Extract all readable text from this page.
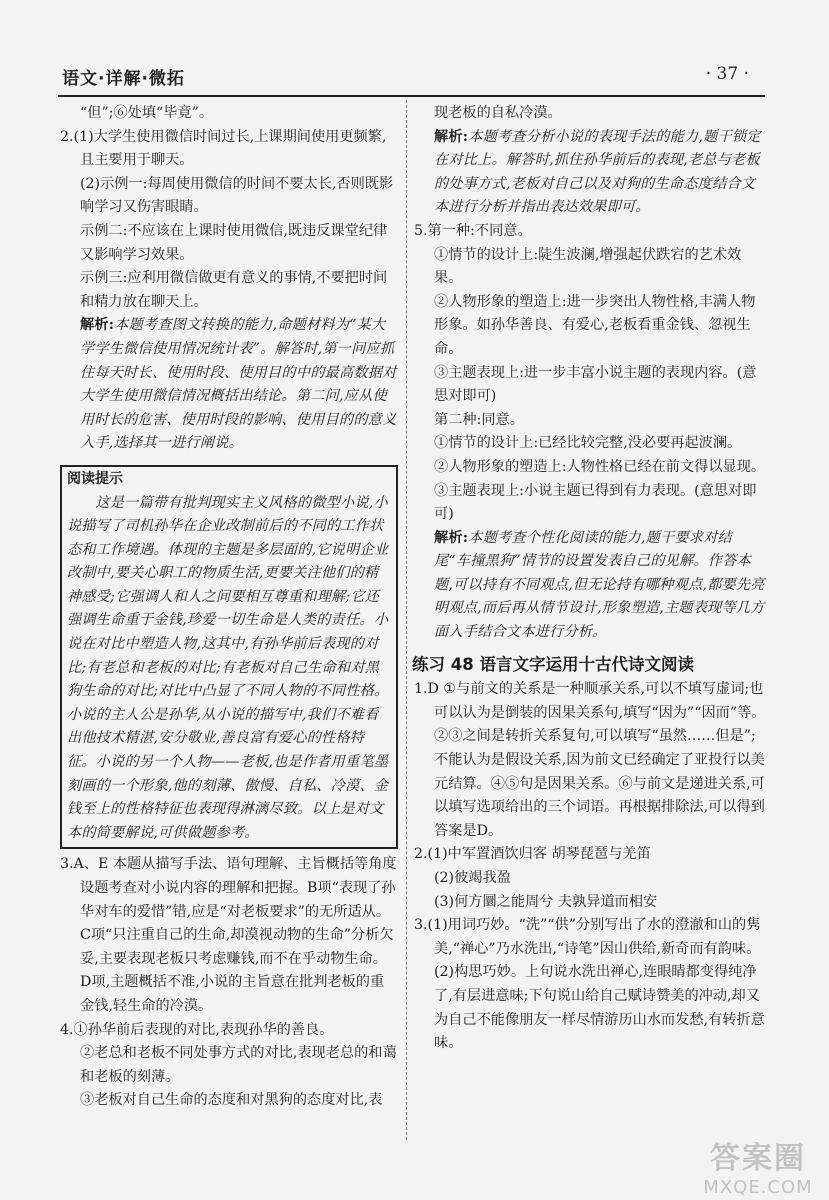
语文·详解·微拓	· 37 ·

“但”;⑥处填“毕竟”。

2.(1)大学生使用微信时间过长,上课期间使用更频繁,且主要用于聊天。

(2)示例一:每周使用微信的时间不要太长,否则既影响学习又伤害眼睛。

示例二:不应该在上课时使用微信,既违反课堂纪律又影响学习效果。

示例三:应利用微信做更有意义的事情,不要把时间和精力放在聊天上。

解析:本题考查图文转换的能力,命题材料为“某大学学生微信使用情况统计表”。解答时,第一问应抓住每天时长、使用时段、使用目的中的最高数据对大学生使用微信情况概括出结论。第二问,应从使用时长的危害、使用时段的影响、使用目的的意义入手,选择其一进行阐说。

阅读提示

这是一篇带有批判现实主义风格的微型小说,小说描写了司机孙华在企业改制前后的不同的工作状态和工作境遇。体现的主题是多层面的,它说明企业改制中,要关心职工的物质生活,更要关注他们的精神感受;它强调人和人之间要相互尊重和理解;它还强调生命重于金钱,珍爱一切生命是人类的责任。小说在对比中塑造人物,这其中,有孙华前后表现的对比;有老总和老板的对比;有老板对自己生命和对黑狗生命的对比;对比中凸显了不同人物的不同性格。小说的主人公是孙华,从小说的描写中,我们不难看出他技术精湛,安分敬业,善良富有爱心的性格特征。小说的另一个人物——老板,也是作者用重笔墨刻画的一个形象,他的刻薄、傲慢、自私、冷漠、金钱至上的性格特征也表现得淋漓尽致。以上是对文本的简要解说,可供做题参考。

3.A、E 本题从描写手法、语句理解、主旨概括等角度设题考查对小说内容的理解和把握。B项“表现了孙华对车的爱惜”错,应是“对老板要求”的无所适从。C项“只注重自己的生命,却漠视动物的生命”分析欠妥,主要表现老板只考虑赚钱,而不在乎动物生命。D项,主题概括不准,小说的主旨意在批判老板的重金钱,轻生命的冷漠。

4.①孙华前后表现的对比,表现孙华的善良。

②老总和老板不同处事方式的对比,表现老总的和蔼和老板的刻薄。

③老板对自己生命的态度和对黑狗的态度对比,表

现老板的自私冷漠。

解析:本题考查分析小说的表现手法的能力,题干锁定在对比上。解答时,抓住孙华前后的表现,老总与老板的处事方式,老板对自己以及对狗的生命态度结合文本进行分析并指出表达效果即可。

5.第一种:不同意。

①情节的设计上:陡生波澜,增强起伏跌宕的艺术效果。

②人物形象的塑造上:进一步突出人物性格,丰满人物形象。如孙华善良、有爱心,老板看重金钱、忽视生命。

③主题表现上:进一步丰富小说主题的表现内容。(意思对即可)

第二种:同意。

①情节的设计上:已经比较完整,没必要再起波澜。

②人物形象的塑造上:人物性格已经在前文得以显现。

③主题表现上:小说主题已得到有力表现。(意思对即可)

解析:本题考查个性化阅读的能力,题干要求对结尾“车撞黑狗”情节的设置发表自己的见解。作答本题,可以持有不同观点,但无论持有哪种观点,都要先亮明观点,而后再从情节设计,形象塑造,主题表现等几方面入手结合文本进行分析。

练习 48 语言文字运用十古代诗文阅读

1.D ①与前文的关系是一种顺承关系,可以不填写虚词;也可以认为是倒装的因果关系句,填写“因为”“因而”等。②③之间是转折关系复句,可以填写“虽然……但是”;不能认为是假设关系,因为前文已经确定了亚投行以美元结算。④⑤句是因果关系。⑥与前文是递进关系,可以填写选项给出的三个词语。再根据排除法,可以得到答案是D。

2.(1)中军置酒饮归客 胡琴琵琶与羌笛

(2)彼竭我盈

(3)何方圜之能周兮 夫孰异道而相安

3.(1)用词巧妙。“洗”“供”分别写出了水的澄澈和山的隽美,“禅心”乃水洗出,“诗笔”因山供给,新奇而有韵味。

(2)构思巧妙。上句说水洗出禅心,连眼睛都变得纯净了,有层进意味;下句说山给自己赋诗赞美的冲动,却又为自己不能像朋友一样尽情游历山水而发愁,有转折意味。

答案圈
MXQE.COM
